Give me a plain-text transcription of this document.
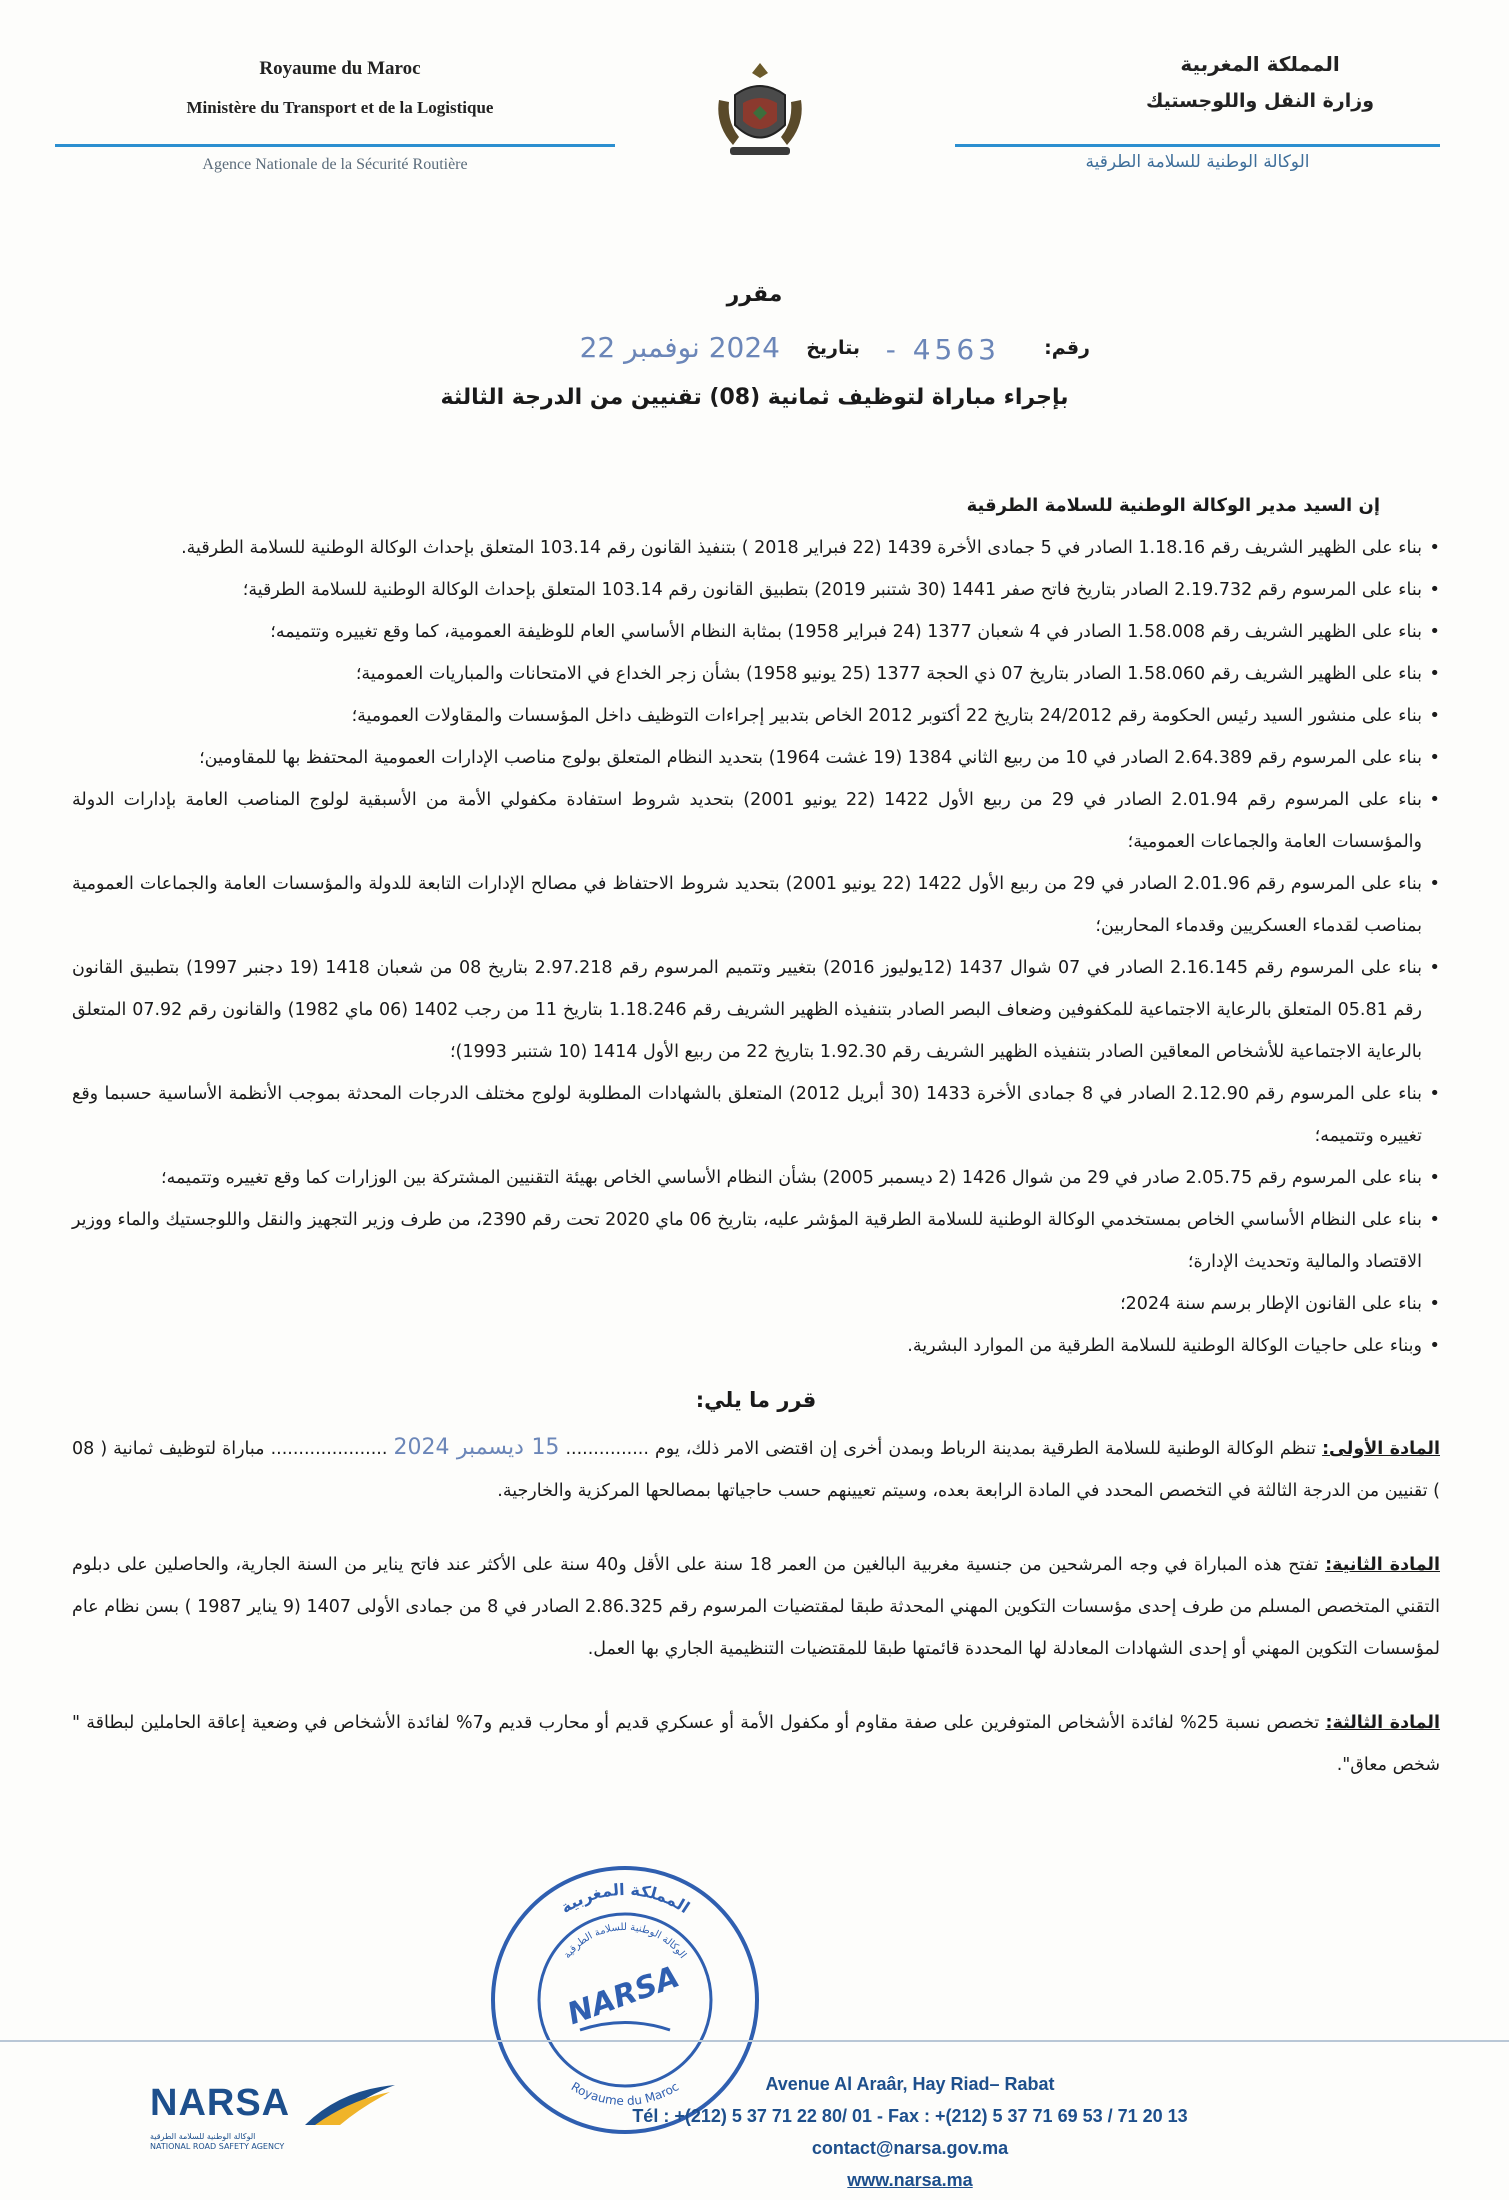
Royaume du Maroc
Ministère du Transport et de la Logistique
Agence Nationale de la Sécurité Routière
المملكة المغربية
وزارة النقل واللوجستيك
الوكالة الوطنية للسلامة الطرقية
مقرر
رقم:
4563 -
بتاريخ
2024 نوفمبر 22
بإجراء مباراة لتوظيف ثمانية (08) تقنيين من الدرجة الثالثة
إن السيد مدير الوكالة الوطنية للسلامة الطرقية
• بناء على الظهير الشريف رقم 1.18.16 الصادر في 5 جمادى الأخرة 1439 (22 فبراير 2018 ) بتنفيذ القانون رقم 103.14 المتعلق بإحداث الوكالة الوطنية للسلامة الطرقية.
• بناء على المرسوم رقم 2.19.732 الصادر بتاريخ فاتح صفر 1441 (30 شتنبر 2019) بتطبيق القانون رقم 103.14 المتعلق بإحداث الوكالة الوطنية للسلامة الطرقية؛
• بناء على الظهير الشريف رقم 1.58.008 الصادر في 4 شعبان 1377 (24 فبراير 1958) بمثابة النظام الأساسي العام للوظيفة العمومية، كما وقع تغييره وتتميمه؛
• بناء على الظهير الشريف رقم 1.58.060 الصادر بتاريخ 07 ذي الحجة 1377 (25 يونيو 1958) بشأن زجر الخداع في الامتحانات والمباريات العمومية؛
• بناء على منشور السيد رئيس الحكومة رقم 24/2012 بتاريخ 22 أكتوبر 2012 الخاص بتدبير إجراءات التوظيف داخل المؤسسات والمقاولات العمومية؛
• بناء على المرسوم رقم 2.64.389 الصادر في 10 من ربيع الثاني 1384 (19 غشت 1964) بتحديد النظام المتعلق بولوج مناصب الإدارات العمومية المحتفظ بها للمقاومين؛
• بناء على المرسوم رقم 2.01.94 الصادر في 29 من ربيع الأول 1422 (22 يونيو 2001) بتحديد شروط استفادة مكفولي الأمة من الأسبقية لولوج المناصب العامة بإدارات الدولة والمؤسسات العامة والجماعات العمومية؛
• بناء على المرسوم رقم 2.01.96 الصادر في 29 من ربيع الأول 1422 (22 يونيو 2001) بتحديد شروط الاحتفاظ في مصالح الإدارات التابعة للدولة والمؤسسات العامة والجماعات العمومية بمناصب لقدماء العسكريين وقدماء المحاربين؛
• بناء على المرسوم رقم 2.16.145 الصادر في 07 شوال 1437 (12يوليوز 2016) بتغيير وتتميم المرسوم رقم 2.97.218 بتاريخ 08 من شعبان 1418 (19 دجنبر 1997) بتطبيق القانون رقم 05.81 المتعلق بالرعاية الاجتماعية للمكفوفين وضعاف البصر الصادر بتنفيذه الظهير الشريف رقم 1.18.246 بتاريخ 11 من رجب 1402 (06 ماي 1982) والقانون رقم 07.92 المتعلق بالرعاية الاجتماعية للأشخاص المعاقين الصادر بتنفيذه الظهير الشريف رقم 1.92.30 بتاريخ 22 من ربيع الأول 1414 (10 شتنبر 1993)؛
• بناء على المرسوم رقم 2.12.90 الصادر في 8 جمادى الأخرة 1433 (30 أبريل 2012) المتعلق بالشهادات المطلوبة لولوج مختلف الدرجات المحدثة بموجب الأنظمة الأساسية حسبما وقع تغييره وتتميمه؛
• بناء على المرسوم رقم 2.05.75 صادر في 29 من شوال 1426 (2 ديسمبر 2005) بشأن النظام الأساسي الخاص بهيئة التقنيين المشتركة بين الوزارات كما وقع تغييره وتتميمه؛
• بناء على النظام الأساسي الخاص بمستخدمي الوكالة الوطنية للسلامة الطرقية المؤشر عليه، بتاريخ 06 ماي 2020 تحت رقم 2390، من طرف وزير التجهيز والنقل واللوجستيك والماء ووزير الاقتصاد والمالية وتحديث الإدارة؛
• بناء على القانون الإطار برسم سنة 2024؛
• وبناء على حاجيات الوكالة الوطنية للسلامة الطرقية من الموارد البشرية.
قرر ما يلي:
المادة الأولى: تنظم الوكالة الوطنية للسلامة الطرقية بمدينة الرباط وبمدن أخرى إن اقتضى الامر ذلك، يوم ............... 15 ديسمبر 2024 ..................... مباراة لتوظيف ثمانية ( 08 ) تقنيين من الدرجة الثالثة في التخصص المحدد في المادة الرابعة بعده، وسيتم تعيينهم حسب حاجياتها بمصالحها المركزية والخارجية.
المادة الثانية: تفتح هذه المباراة في وجه المرشحين من جنسية مغربية البالغين من العمر 18 سنة على الأقل و40 سنة على الأكثر عند فاتح يناير من السنة الجارية، والحاصلين على دبلوم التقني المتخصص المسلم من طرف إحدى مؤسسات التكوين المهني المحدثة طبقا لمقتضيات المرسوم رقم 2.86.325 الصادر في 8 من جمادى الأولى 1407 (9 يناير 1987 ) بسن نظام عام لمؤسسات التكوين المهني أو إحدى الشهادات المعادلة لها المحددة قائمتها طبقا للمقتضيات التنظيمية الجاري بها العمل.
المادة الثالثة: تخصص نسبة 25% لفائدة الأشخاص المتوفرين على صفة مقاوم أو مكفول الأمة أو عسكري قديم أو محارب قديم و7% لفائدة الأشخاص في وضعية إعاقة الحاملين لبطاقة " شخص معاق".
المملكة المغربية
Royaume du Maroc
الوكالة الوطنية للسلامة الطرقية
NARSA
NARSA
الوكالة الوطنية للسلامة الطرقية NATIONAL ROAD SAFETY AGENCY
Avenue Al Araâr, Hay Riad– Rabat
Tél : +(212) 5 37 71 22 80/ 01 - Fax : +(212) 5 37 71 69 53 / 71 20 13
contact@narsa.gov.ma
www.narsa.ma
